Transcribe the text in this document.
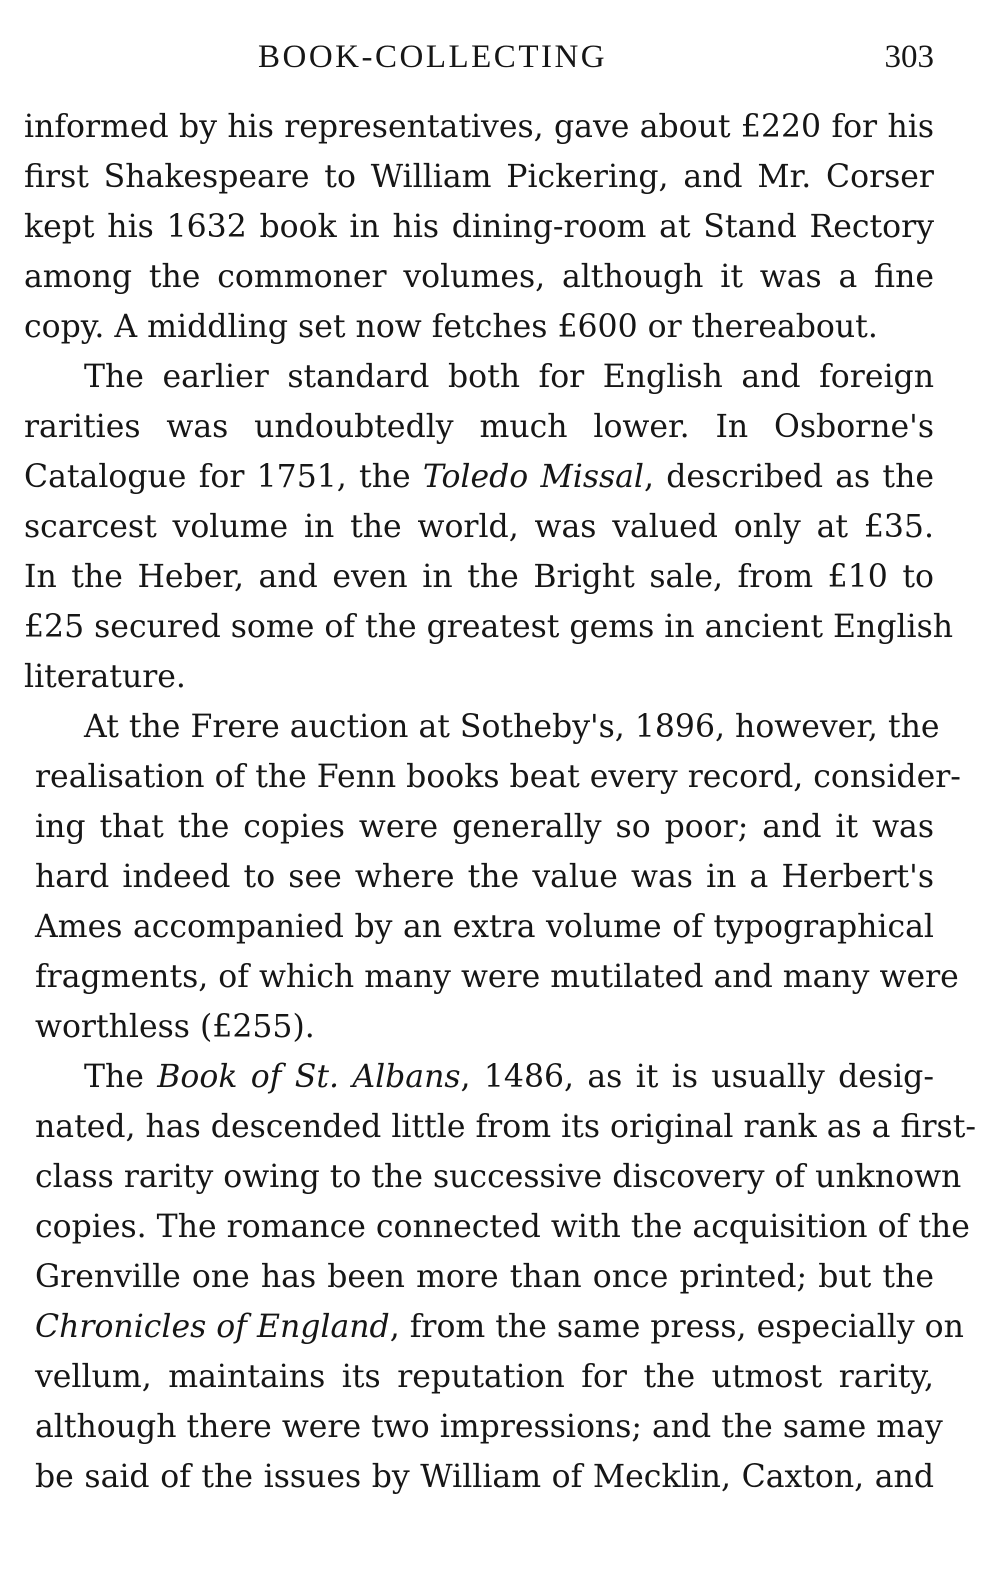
BOOK-COLLECTING	303
informed by his representatives, gave about £220 for his
first Shakespeare to William Pickering, and Mr. Corser
kept his 1632 book in his dining-room at Stand Rectory
among the commoner volumes, although it was a fine
copy. A middling set now fetches £600 or thereabout.
The earlier standard both for English and foreign
rarities was undoubtedly much lower. In Osborne's
Catalogue for 1751, the Toledo Missal, described as the
scarcest volume in the world, was valued only at £35.
In the Heber, and even in the Bright sale, from £10 to
£25 secured some of the greatest gems in ancient English
literature.
At the Frere auction at Sotheby's, 1896, however, the
realisation of the Fenn books beat every record, consider-
ing that the copies were generally so poor; and it was
hard indeed to see where the value was in a Herbert's
Ames accompanied by an extra volume of typographical
fragments, of which many were mutilated and many were
worthless (£255).
The Book of St. Albans, 1486, as it is usually desig-
nated, has descended little from its original rank as a first-
class rarity owing to the successive discovery of unknown
copies. The romance connected with the acquisition of the
Grenville one has been more than once printed; but the
Chronicles of England, from the same press, especially on
vellum, maintains its reputation for the utmost rarity,
although there were two impressions; and the same may
be said of the issues by William of Mecklin, Caxton, and
